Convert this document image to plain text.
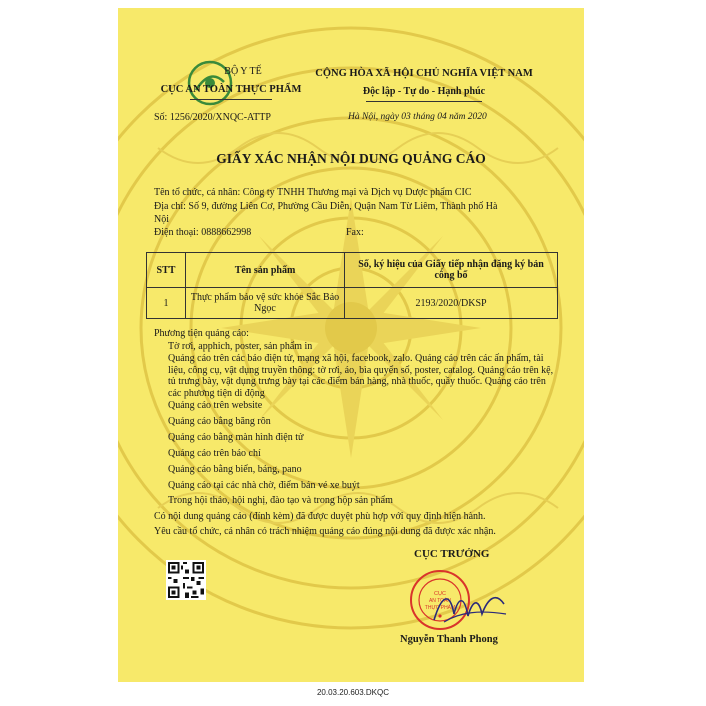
BỘ Y TẾ
CỤC AN TOÀN THỰC PHẨM
CỘNG HÒA XÃ HỘI CHỦ NGHĨA VIỆT NAM
Độc lập - Tự do - Hạnh phúc
Số: 1256/2020/XNQC-ATTP	Hà Nội, ngày 03 tháng 04 năm 2020
GIẤY XÁC NHẬN NỘI DUNG QUẢNG CÁO
Tên tổ chức, cá nhân: Công ty TNHH Thương mại và Dịch vụ Dược phẩm CIC
Địa chỉ: Số 9, đường Liên Cơ, Phường Cầu Diễn, Quận Nam Từ Liêm, Thành phố Hà
Nội
Điện thoại: 0888662998	Fax:
STT	Tên sản phẩm	Số, ký hiệu của Giấy tiếp nhận đăng ký bản công bố

1	Thực phẩm bảo vệ sức khỏe Sắc Bảo Ngọc	2193/2020/DKSP
Phương tiện quảng cáo:
Tờ rơi, apphich, poster, sản phẩm in
Quảng cáo trên các báo điện tử, mạng xã hội, facebook, zalo. Quảng cáo trên các ấn phẩm, tài liệu, công cụ, vật dụng truyền thông: tờ rơi, áo, bìa quyển sổ, poster, catalog. Quảng cáo trên kệ, tủ trưng bày, vật dụng trưng bày tại các điểm bán hàng, nhà thuốc, quầy thuốc. Quảng cáo trên các phương tiện di động
Quảng cáo trên website
Quảng cáo bằng băng rôn
Quảng cáo bằng màn hình điện tử
Quảng cáo trên báo chí
Quảng cáo bằng biển, bảng, pano
Quảng cáo tại các nhà chờ, điểm bán vé xe buýt
Trong hội thảo, hội nghị, đào tạo và trong hộp sản phẩm
Có nội dung quảng cáo (đính kèm) đã được duyệt phù hợp với quy định hiện hành.
Yêu cầu tổ chức, cá nhân có trách nhiệm quảng cáo đúng nội dung đã được xác nhận.
CỤC TRƯỞNG
CỤC
AN TOÀN
THỰC PHẨM
Nguyễn Thanh Phong
20.03.20.603.DKQC
